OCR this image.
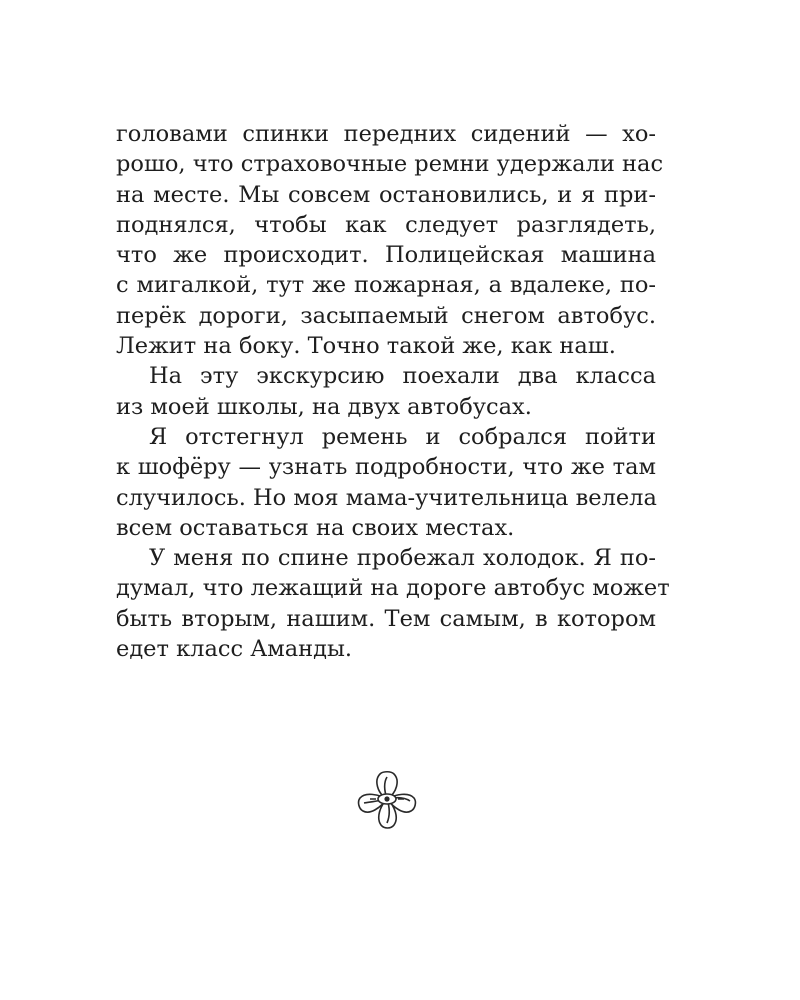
головами спинки передних сидений — хо-
рошо, что страховочные ремни удержали нас
на месте. Мы совсем остановились, и я при-
поднялся, чтобы как следует разглядеть,
что же происходит. Полицейская машина
с мигалкой, тут же пожарная, а вдалеке, по-
перёк дороги, засыпаемый снегом автобус.
Лежит на боку. Точно такой же, как наш.
На эту экскурсию поехали два класса
из моей школы, на двух автобусах.
Я отстегнул ремень и собрался пойти
к шофёру — узнать подробности, что же там
случилось. Но моя мама-учительница велела
всем оставаться на своих местах.
У меня по спине пробежал холодок. Я по-
думал, что лежащий на дороге автобус может
быть вторым, нашим. Тем самым, в котором
едет класс Аманды.
